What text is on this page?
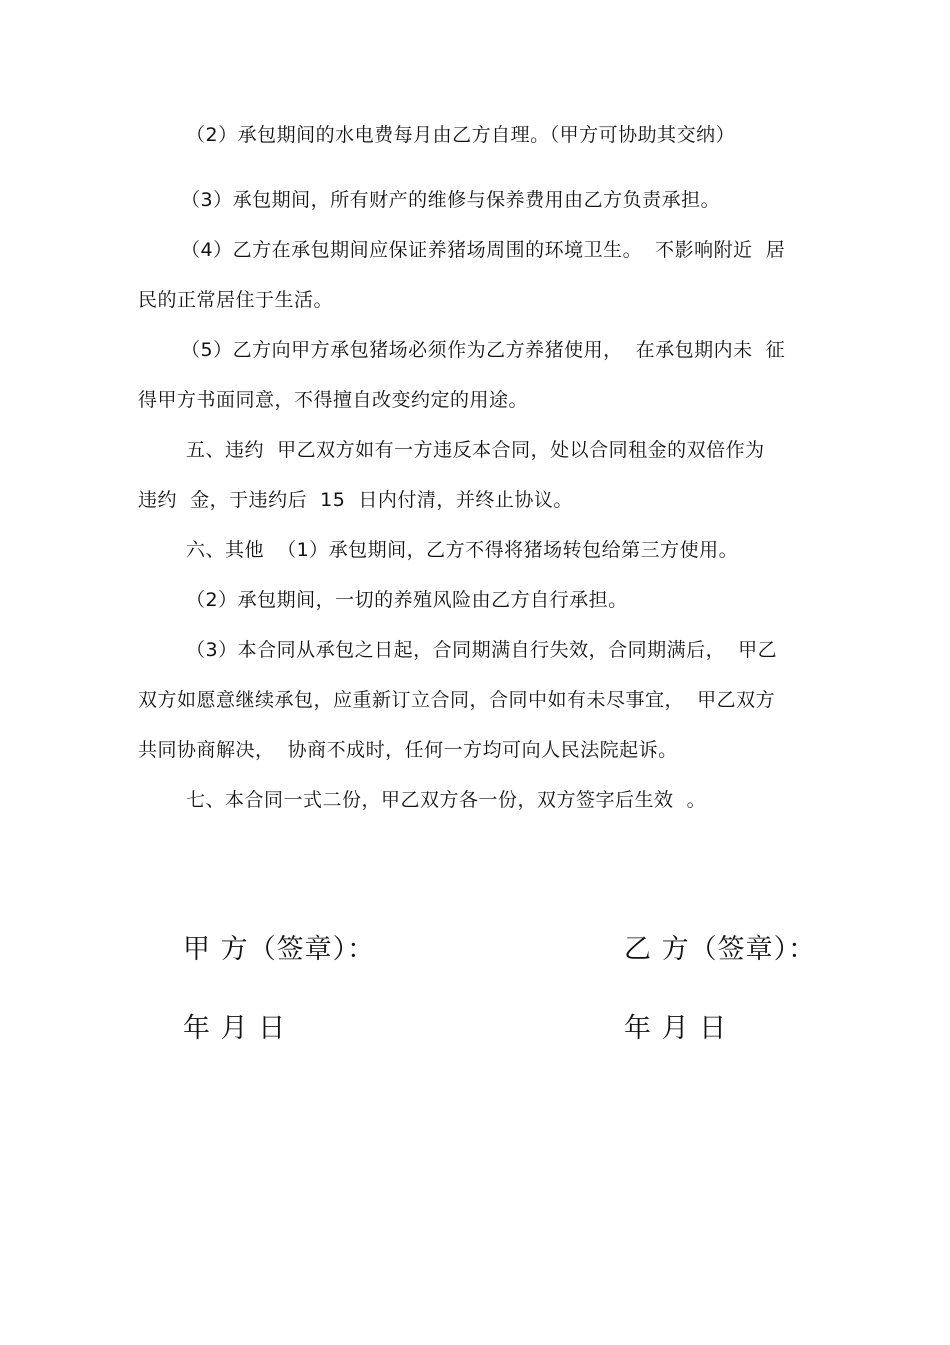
（2）承包期间的水电费每月由乙方自理。（甲方可协助其交纳）
（3）承包期间，所有财产的维修与保养费用由乙方负责承担。
（4）乙方在承包期间应保证养猪场周围的环境卫生。  不影响附近  居
民的正常居住于生活。
（5）乙方向甲方承包猪场必须作为乙方养猪使用，  在承包期内未  征
得甲方书面同意，不得擅自改变约定的用途。
五、违约  甲乙双方如有一方违反本合同，处以合同租金的双倍作为
违约  金，于违约后  15  日内付清，并终止协议。
六、其他  （1）承包期间，乙方不得将猪场转包给第三方使用。
（2）承包期间，一切的养殖风险由乙方自行承担。
（3）本合同从承包之日起，合同期满自行失效，合同期满后，  甲乙
双方如愿意继续承包，应重新订立合同，合同中如有未尽事宜，  甲乙双方
共同协商解决，  协商不成时，任何一方均可向人民法院起诉。
七、本合同一式二份，甲乙双方各一份，双方签字后生效  。
甲 方（签章）：	乙 方（签章）：
年 月 日	年 月 日
